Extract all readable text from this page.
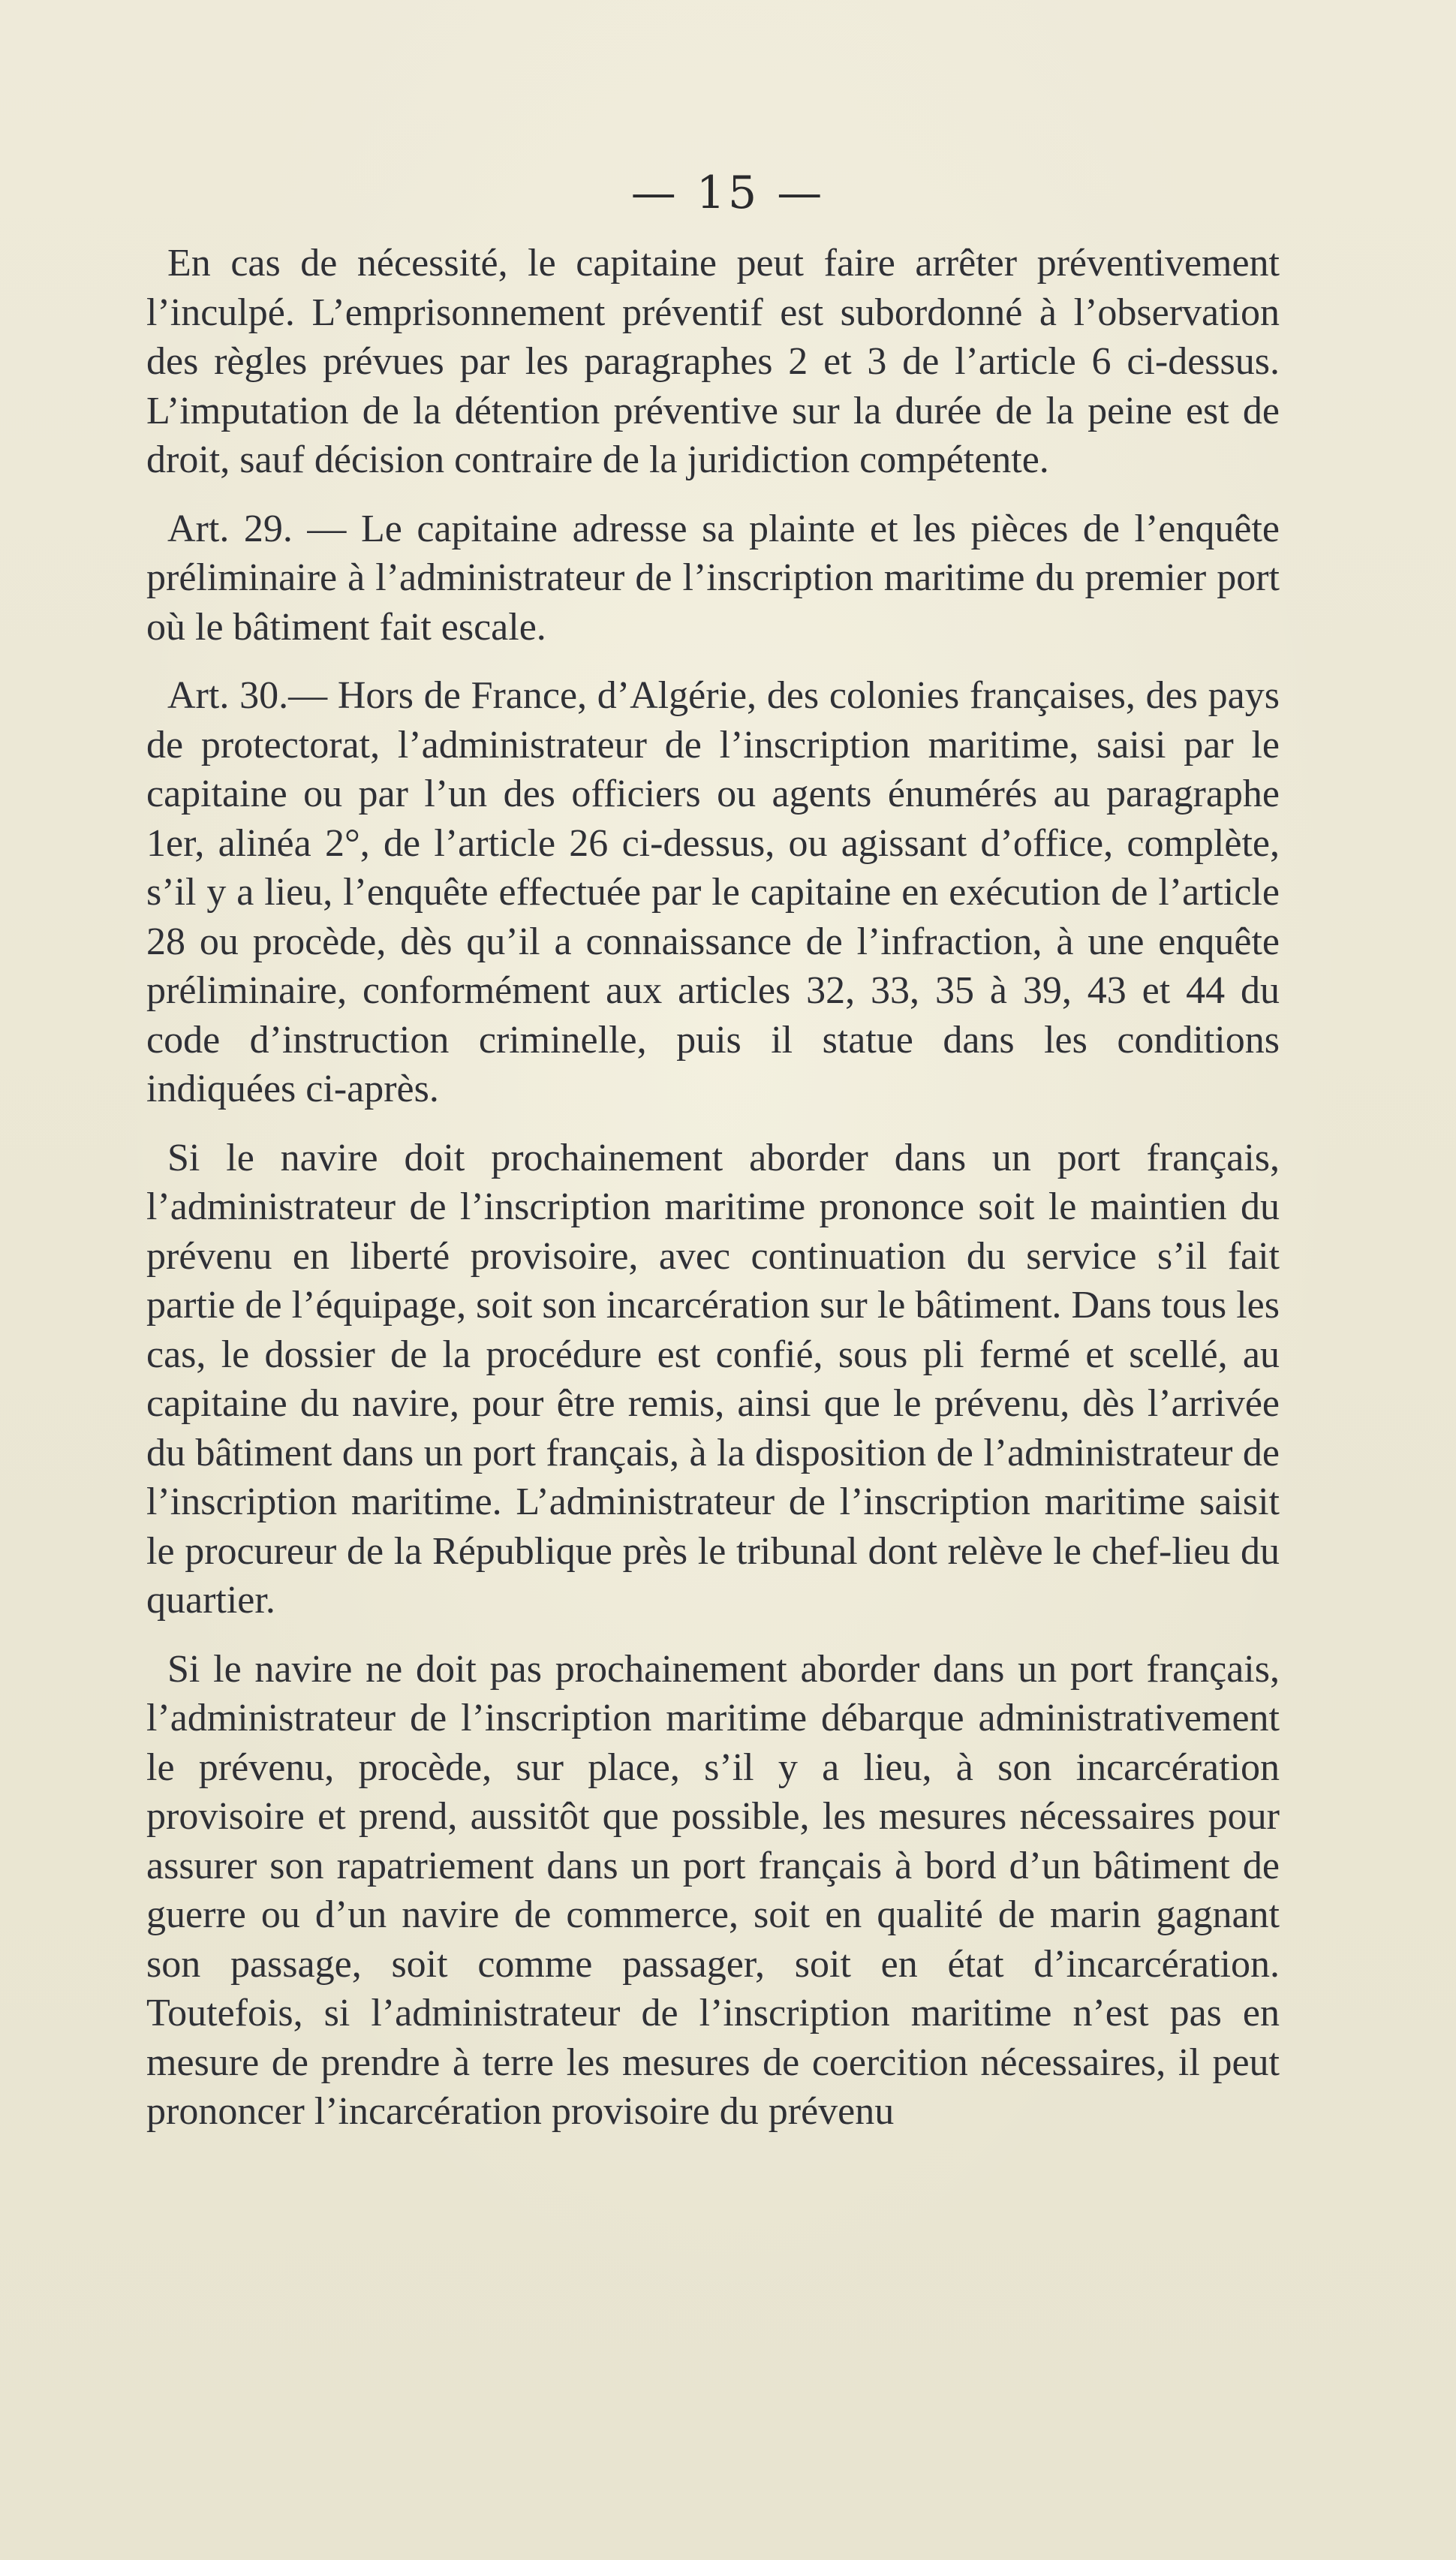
— 15 —

En cas de nécessité, le capitaine peut faire arrêter préventivement l’inculpé. L’emprisonnement préventif est subordonné à l’observation des règles prévues par les paragraphes 2 et 3 de l’article 6 ci-dessus. L’imputation de la détention préventive sur la durée de la peine est de droit, sauf décision contraire de la juridiction compétente.

Art. 29. — Le capitaine adresse sa plainte et les pièces de l’enquête préliminaire à l’administrateur de l’inscription maritime du premier port où le bâtiment fait escale.

Art. 30.— Hors de France, d’Algérie, des colonies françaises, des pays de protectorat, l’administrateur de l’inscription maritime, saisi par le capitaine ou par l’un des officiers ou agents énumérés au paragraphe 1er, alinéa 2°, de l’article 26 ci-dessus, ou agissant d’office, complète, s’il y a lieu, l’enquête effectuée par le capitaine en exécution de l’article 28 ou procède, dès qu’il a connaissance de l’infraction, à une enquête préliminaire, conformément aux articles 32, 33, 35 à 39, 43 et 44 du code d’instruction criminelle, puis il statue dans les conditions indiquées ci-après.

Si le navire doit prochainement aborder dans un port français, l’administrateur de l’inscription maritime prononce soit le maintien du prévenu en liberté provisoire, avec continuation du service s’il fait partie de l’équipage, soit son incarcération sur le bâtiment. Dans tous les cas, le dossier de la procédure est confié, sous pli fermé et scellé, au capitaine du navire, pour être remis, ainsi que le prévenu, dès l’arrivée du bâtiment dans un port français, à la disposition de l’administrateur de l’inscription maritime. L’administrateur de l’inscription maritime saisit le procureur de la République près le tribunal dont relève le chef-lieu du quartier.

Si le navire ne doit pas prochainement aborder dans un port français, l’administrateur de l’inscription maritime débarque administrativement le prévenu, procède, sur place, s’il y a lieu, à son incarcération provisoire et prend, aussitôt que possible, les mesures nécessaires pour assurer son rapatriement dans un port français à bord d’un bâtiment de guerre ou d’un navire de commerce, soit en qualité de marin gagnant son passage, soit comme passager, soit en état d’incarcération. Toutefois, si l’administrateur de l’inscription maritime n’est pas en mesure de prendre à terre les mesures de coercition nécessaires, il peut prononcer l’incarcération provisoire du prévenu
